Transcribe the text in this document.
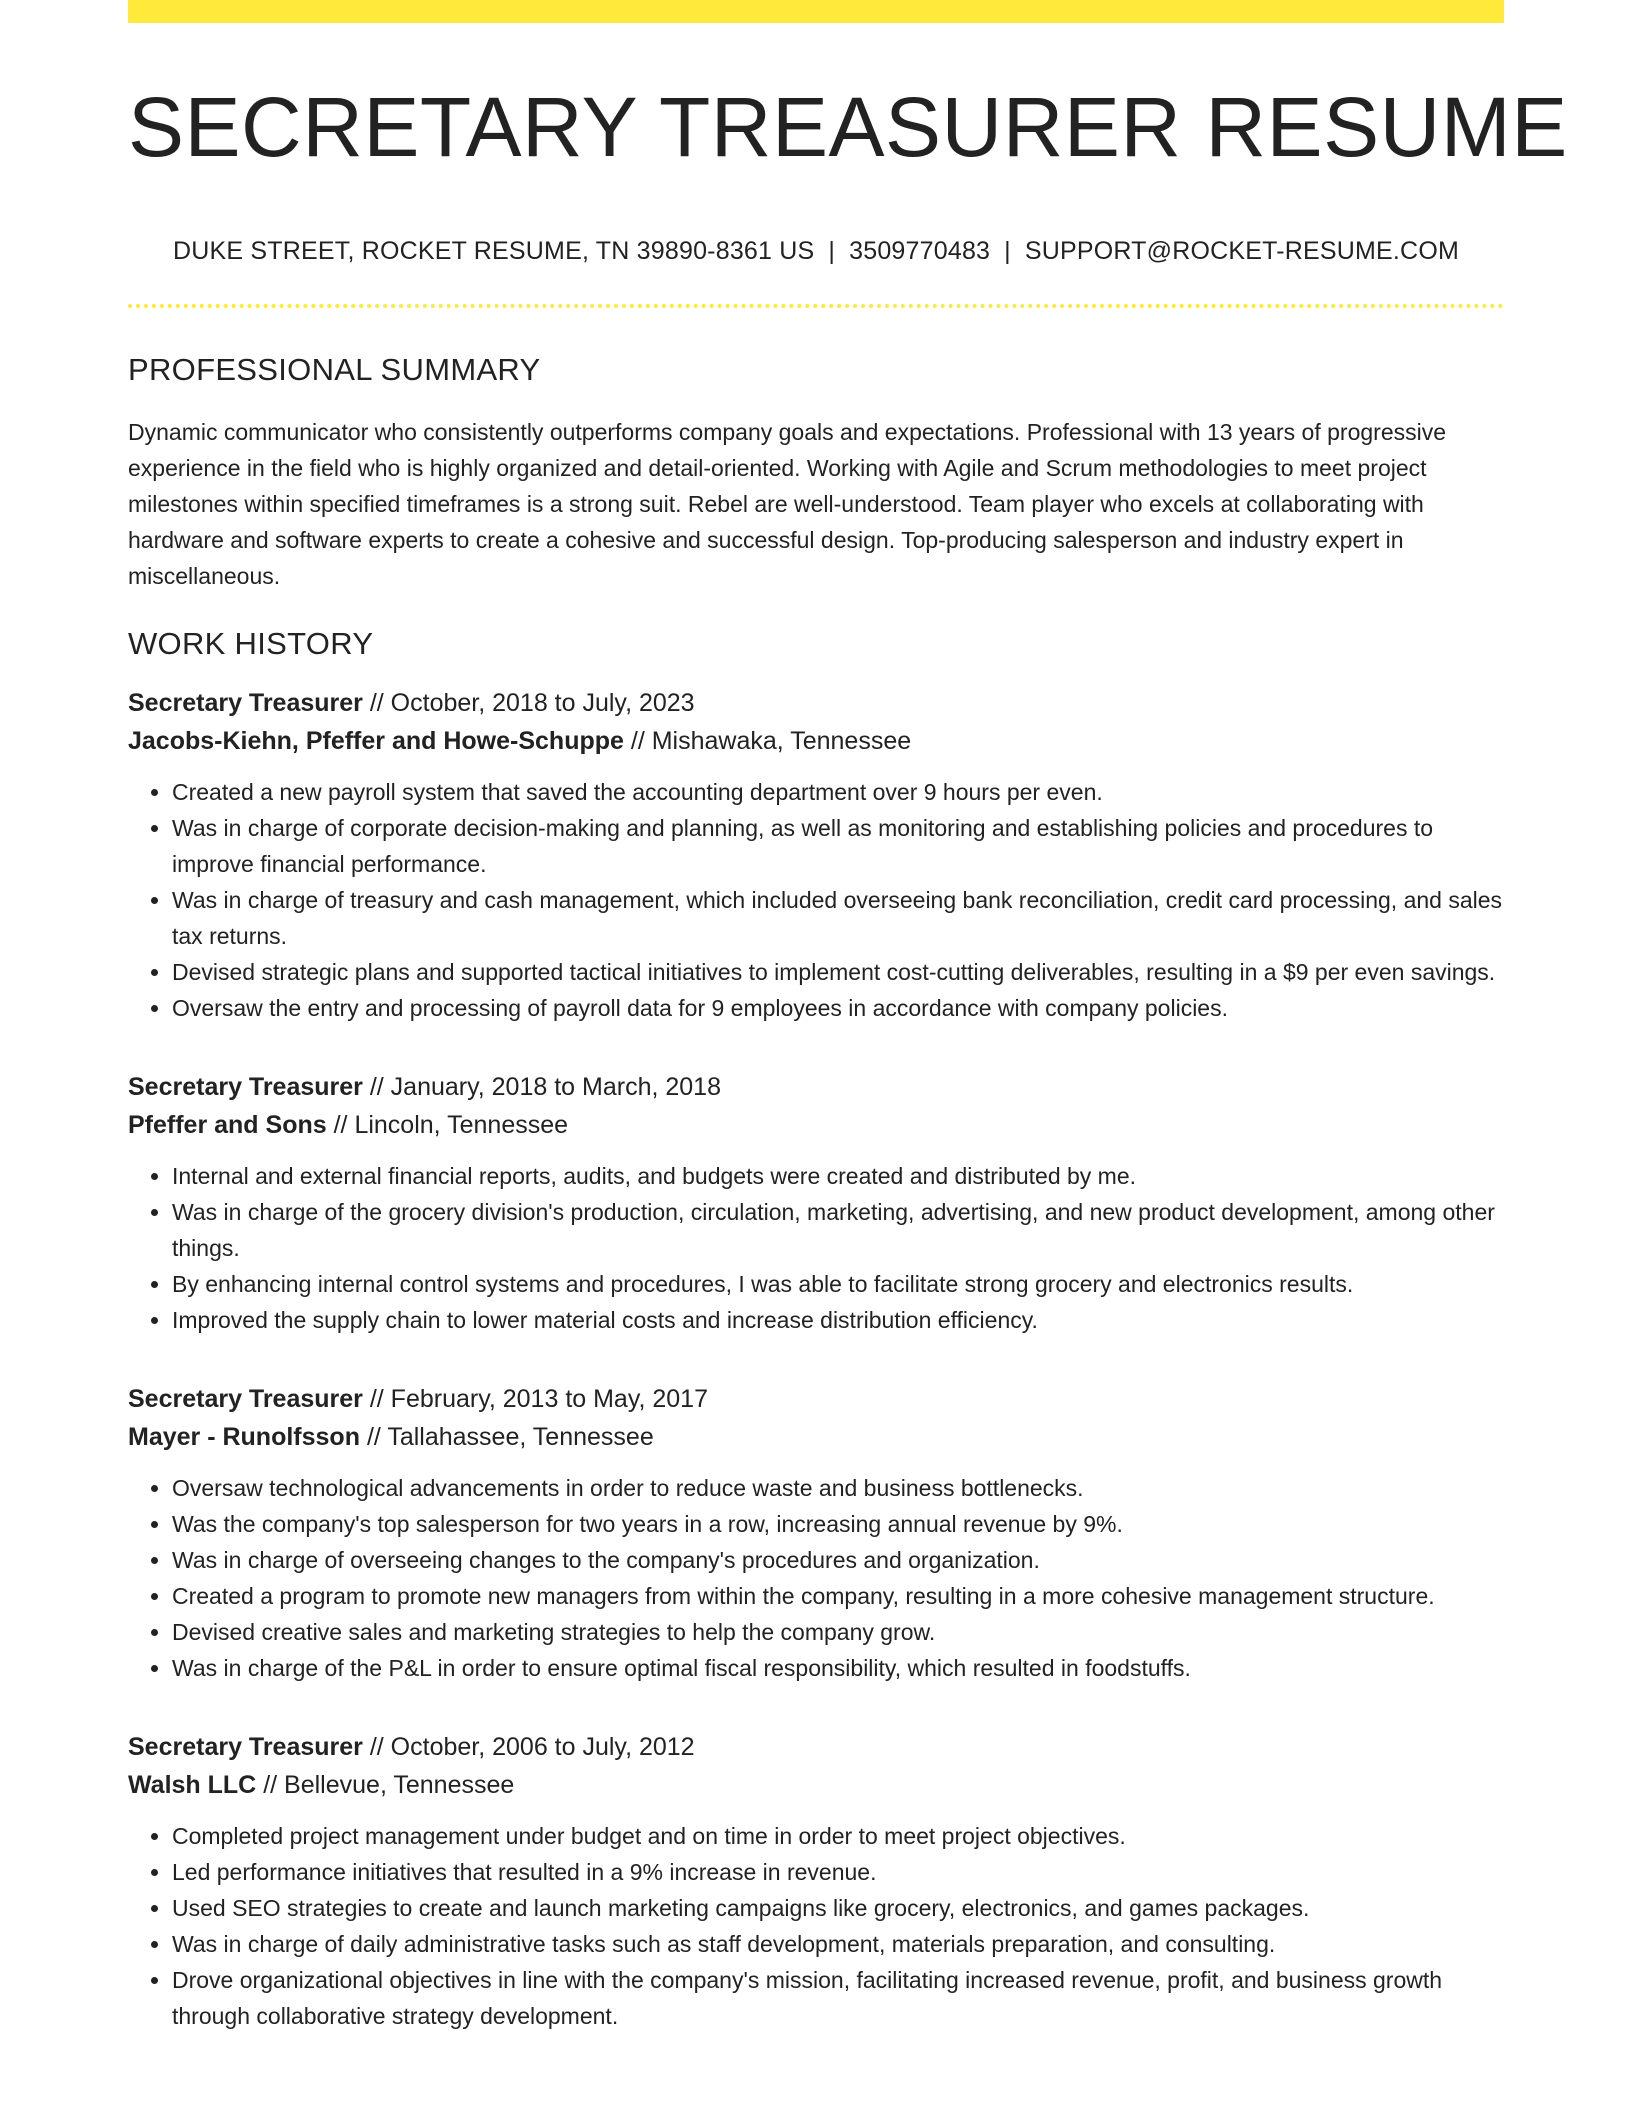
SECRETARY TREASURER RESUME
DUKE STREET, ROCKET RESUME, TN 39890-8361 US | 3509770483 | SUPPORT@ROCKET-RESUME.COM
PROFESSIONAL SUMMARY

Dynamic communicator who consistently outperforms company goals and expectations. Professional with 13 years of progressive experience in the field who is highly organized and detail-oriented. Working with Agile and Scrum methodologies to meet project milestones within specified timeframes is a strong suit. Rebel are well-understood. Team player who excels at collaborating with hardware and software experts to create a cohesive and successful design. Top-producing salesperson and industry expert in miscellaneous.

WORK HISTORY
Secretary Treasurer // October, 2018 to July, 2023
Jacobs-Kiehn, Pfeffer and Howe-Schuppe // Mishawaka, Tennessee
• Created a new payroll system that saved the accounting department over 9 hours per even.
• Was in charge of corporate decision-making and planning, as well as monitoring and establishing policies and procedures to improve financial performance.
• Was in charge of treasury and cash management, which included overseeing bank reconciliation, credit card processing, and sales tax returns.
• Devised strategic plans and supported tactical initiatives to implement cost-cutting deliverables, resulting in a $9 per even savings.
• Oversaw the entry and processing of payroll data for 9 employees in accordance with company policies.
Secretary Treasurer // January, 2018 to March, 2018
Pfeffer and Sons // Lincoln, Tennessee
• Internal and external financial reports, audits, and budgets were created and distributed by me.
• Was in charge of the grocery division's production, circulation, marketing, advertising, and new product development, among other things.
• By enhancing internal control systems and procedures, I was able to facilitate strong grocery and electronics results.
• Improved the supply chain to lower material costs and increase distribution efficiency.
Secretary Treasurer // February, 2013 to May, 2017
Mayer - Runolfsson // Tallahassee, Tennessee
• Oversaw technological advancements in order to reduce waste and business bottlenecks.
• Was the company's top salesperson for two years in a row, increasing annual revenue by 9%.
• Was in charge of overseeing changes to the company's procedures and organization.
• Created a program to promote new managers from within the company, resulting in a more cohesive management structure.
• Devised creative sales and marketing strategies to help the company grow.
• Was in charge of the P&L in order to ensure optimal fiscal responsibility, which resulted in foodstuffs.
Secretary Treasurer // October, 2006 to July, 2012
Walsh LLC // Bellevue, Tennessee
• Completed project management under budget and on time in order to meet project objectives.
• Led performance initiatives that resulted in a 9% increase in revenue.
• Used SEO strategies to create and launch marketing campaigns like grocery, electronics, and games packages.
• Was in charge of daily administrative tasks such as staff development, materials preparation, and consulting.
• Drove organizational objectives in line with the company's mission, facilitating increased revenue, profit, and business growth through collaborative strategy development.
